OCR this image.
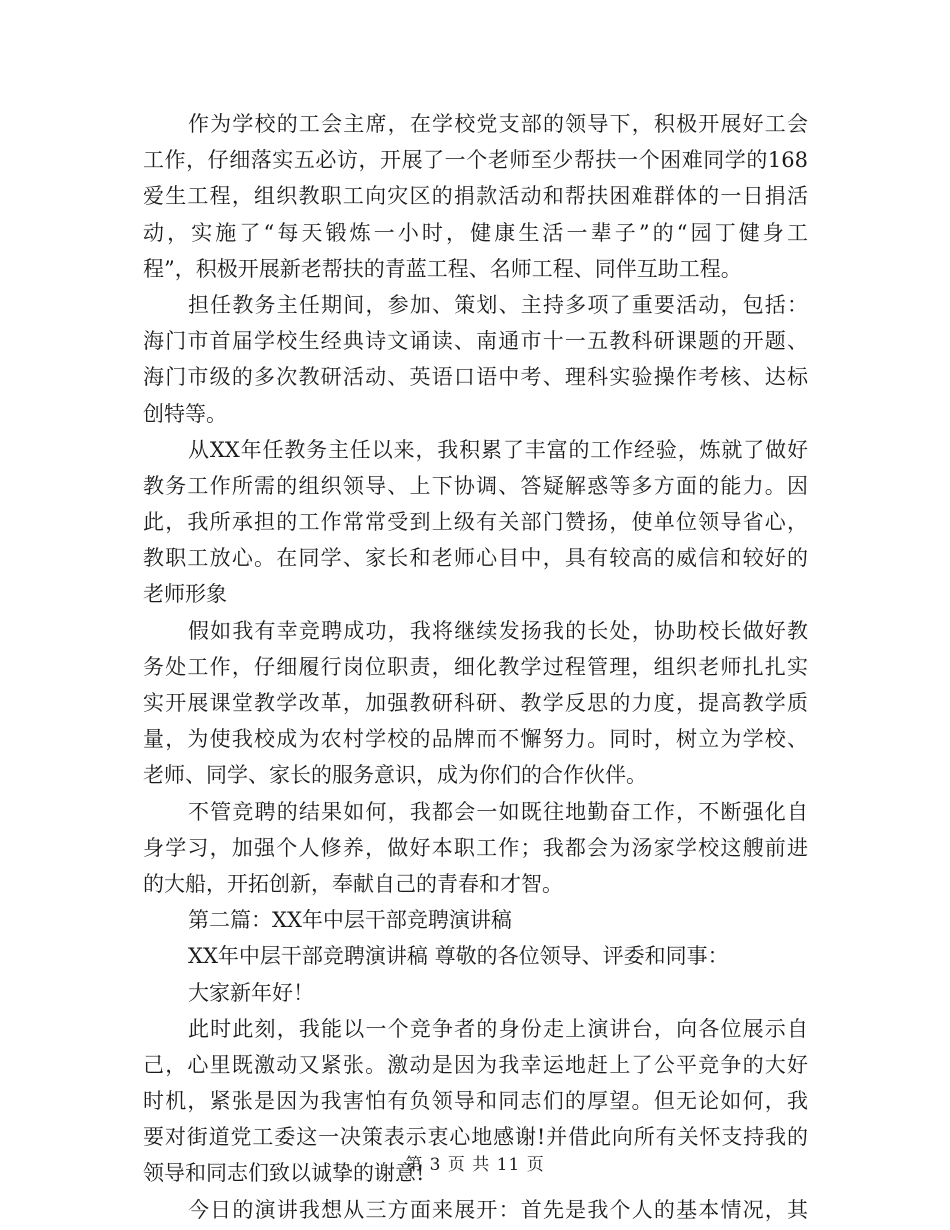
作为学校的工会主席，在学校党支部的领导下，积极开展好工会
工作，仔细落实五必访，开展了一个老师至少帮扶一个困难同学的168
爱生工程，组织教职工向灾区的捐款活动和帮扶困难群体的一日捐活
动，实施了“每天锻炼一小时，健康生活一辈子”的“园丁健身工
程”，积极开展新老帮扶的青蓝工程、名师工程、同伴互助工程。
担任教务主任期间，参加、策划、主持多项了重要活动，包括：
海门市首届学校生经典诗文诵读、南通市十一五教科研课题的开题、
海门市级的多次教研活动、英语口语中考、理科实验操作考核、达标
创特等。
从XX年任教务主任以来，我积累了丰富的工作经验，炼就了做好
教务工作所需的组织领导、上下协调、答疑解惑等多方面的能力。因
此，我所承担的工作常常受到上级有关部门赞扬，使单位领导省心，
教职工放心。在同学、家长和老师心目中，具有较高的威信和较好的
老师形象
假如我有幸竞聘成功，我将继续发扬我的长处，协助校长做好教
务处工作，仔细履行岗位职责，细化教学过程管理，组织老师扎扎实
实开展课堂教学改革，加强教研科研、教学反思的力度，提高教学质
量，为使我校成为农村学校的品牌而不懈努力。同时，树立为学校、
老师、同学、家长的服务意识，成为你们的合作伙伴。
不管竞聘的结果如何，我都会一如既往地勤奋工作，不断强化自
身学习，加强个人修养，做好本职工作；我都会为汤家学校这艘前进
的大船，开拓创新，奉献自己的青春和才智。
第二篇：XX年中层干部竞聘演讲稿
XX年中层干部竞聘演讲稿 尊敬的各位领导、评委和同事：
大家新年好！
此时此刻，我能以一个竞争者的身份走上演讲台，向各位展示自
己，心里既激动又紧张。激动是因为我幸运地赶上了公平竞争的大好
时机，紧张是因为我害怕有负领导和同志们的厚望。但无论如何，我
要对街道党工委这一决策表示衷心地感谢!并借此向所有关怀支持我的
领导和同志们致以诚挚的谢意!
今日的演讲我想从三方面来展开：首先是我个人的基本情况，其
第 3 页 共 11 页
